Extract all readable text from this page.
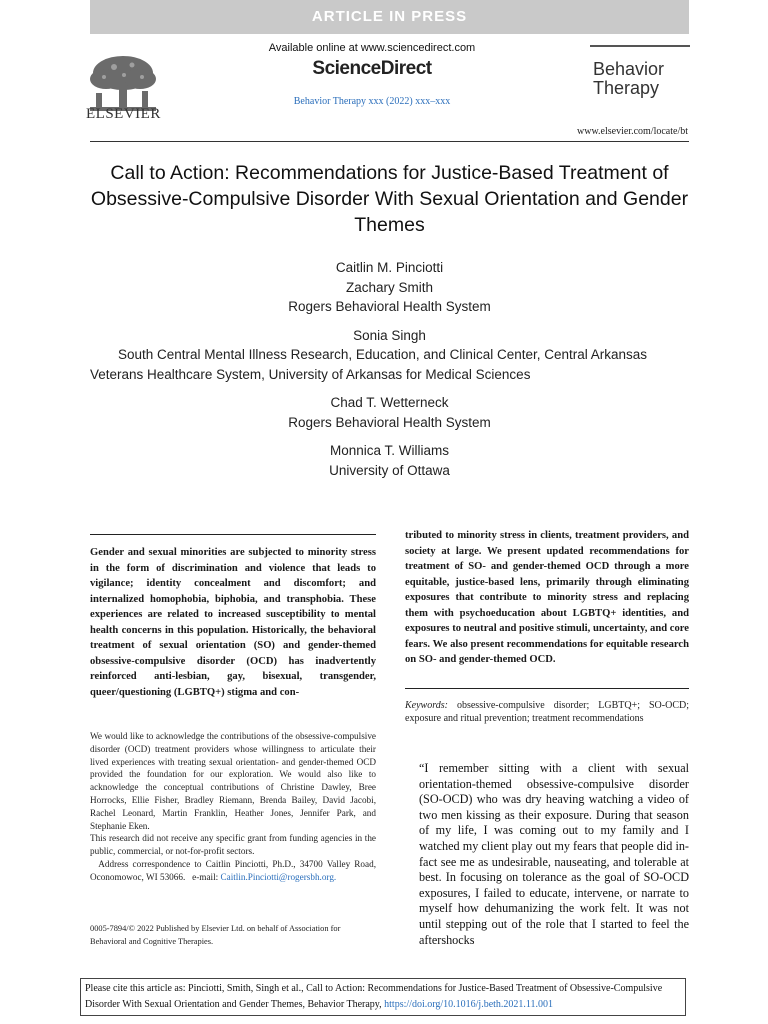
ARTICLE IN PRESS
ELSEVIER
Available online at www.sciencedirect.com
ScienceDirect
Behavior Therapy xxx (2022) xxx–xxx
Behavior
Therapy
www.elsevier.com/locate/bt
Call to Action: Recommendations for Justice-Based Treatment of Obsessive-Compulsive Disorder With Sexual Orientation and Gender Themes
Caitlin M. Pinciotti
Zachary Smith
Rogers Behavioral Health System
Sonia Singh
South Central Mental Illness Research, Education, and Clinical Center, Central Arkansas Veterans Healthcare System, University of Arkansas for Medical Sciences
Chad T. Wetterneck
Rogers Behavioral Health System
Monnica T. Williams
University of Ottawa
Gender and sexual minorities are subjected to minority stress in the form of discrimination and violence that leads to vigilance; identity concealment and discomfort; and internalized homophobia, biphobia, and transphobia. These experiences are related to increased susceptibility to mental health concerns in this population. Historically, the behavioral treatment of sexual orientation (SO) and gender-themed obsessive-compulsive disorder (OCD) has inadvertently reinforced anti-lesbian, gay, bisexual, transgender, queer/questioning (LGBTQ+) stigma and con-
tributed to minority stress in clients, treatment providers, and society at large. We present updated recommendations for treatment of SO- and gender-themed OCD through a more equitable, justice-based lens, primarily through eliminating exposures that contribute to minority stress and replacing them with psychoeducation about LGBTQ+ identities, and exposures to neutral and positive stimuli, uncertainty, and core fears. We also present recommendations for equitable research on SO- and gender-themed OCD.
Keywords: obsessive-compulsive disorder; LGBTQ+; SO-OCD; exposure and ritual prevention; treatment recommendations

We would like to acknowledge the contributions of the obsessive-compulsive disorder (OCD) treatment providers whose willingness to articulate their lived experiences with treating sexual orientation- and gender-themed OCD provided the foundation for our exploration. We would also like to acknowledge the conceptual contributions of Christine Dawley, Bree Horrocks, Ellie Fisher, Bradley Riemann, Brenda Bailey, David Jacobi, Rachel Leonard, Martin Franklin, Heather Jones, Jennifer Park, and Stephanie Eken.

This research did not receive any specific grant from funding agencies in the public, commercial, or not-for-profit sectors.

Address correspondence to Caitlin Pinciotti, Ph.D., 34700 Valley Road, Oconomowoc, WI 53066. e-mail: Caitlin.Pinciotti@rogersbh.org.

0005-7894/© 2022 Published by Elsevier Ltd. on behalf of Association for
Behavioral and Cognitive Therapies.
“I remember sitting with a client with sexual orientation-themed obsessive-compulsive disorder (SO-OCD) who was dry heaving watching a video of two men kissing as their exposure. During that season of my life, I was coming out to my family and I watched my client play out my fears that people did in-fact see me as undesirable, nauseating, and tolerable at best. In focusing on tolerance as the goal of SO-OCD exposures, I failed to educate, intervene, or narrate to myself how dehumanizing the work felt. It was not until stepping out of the role that I started to feel the aftershocks
Please cite this article as: Pinciotti, Smith, Singh et al., Call to Action: Recommendations for Justice-Based Treatment of Obsessive-Compulsive Disorder With Sexual Orientation and Gender Themes, Behavior Therapy, https://doi.org/10.1016/j.beth.2021.11.001
